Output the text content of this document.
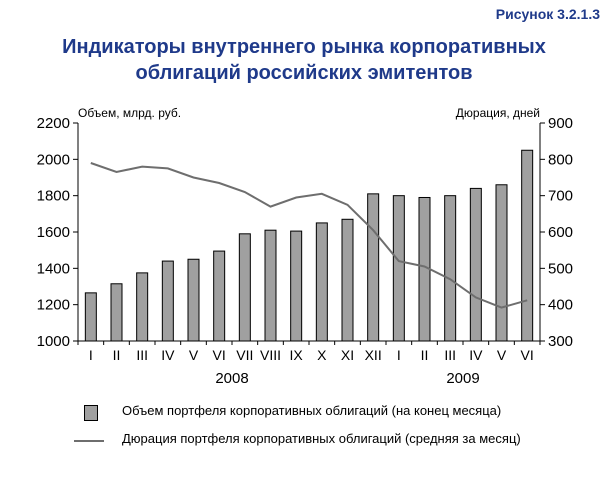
Рисунок 3.2.1.3
Индикаторы внутреннего рынка корпоративных
облигаций российских эмитентов
1000
1200
1400
1600
1800
2000
2200
300
400
500
600
700
800
900
Объем, млрд. руб.	Дюрация, дней
I II III IV V VI VII VIII IX X XI XII I II III IV V VI
2008	2009
Объем портфеля корпоративных облигаций (на конец месяца)
Дюрация портфеля корпоративных облигаций (средняя за месяц)
